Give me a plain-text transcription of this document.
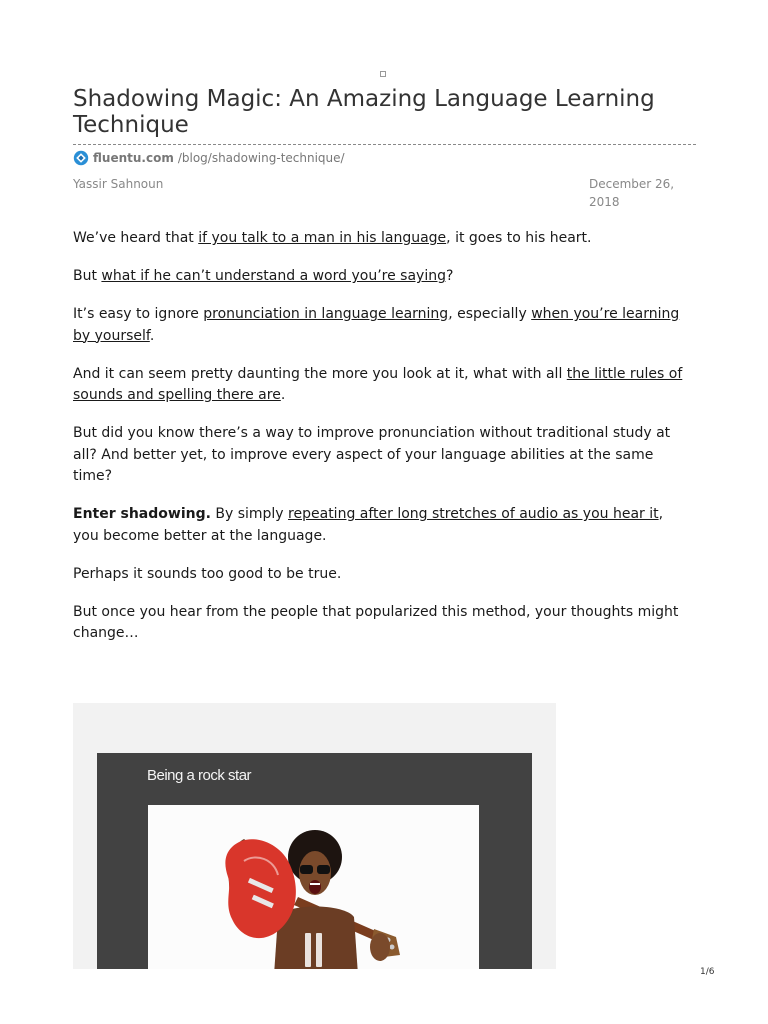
Shadowing Magic: An Amazing Language Learning Technique
fluentu.com /blog/shadowing-technique/
Yassir Sahnoun	December 26, 2018

We’ve heard that if you talk to a man in his language, it goes to his heart.

But what if he can’t understand a word you’re saying?

It’s easy to ignore pronunciation in language learning, especially when you’re learning by yourself.

And it can seem pretty daunting the more you look at it, what with all the little rules of sounds and spelling there are.

But did you know there’s a way to improve pronunciation without traditional study at all? And better yet, to improve every aspect of your language abilities at the same time?

Enter shadowing. By simply repeating after long stretches of audio as you hear it, you become better at the language.

Perhaps it sounds too good to be true.

But once you hear from the people that popularized this method, your thoughts might change…

Being a rock star
1/6
